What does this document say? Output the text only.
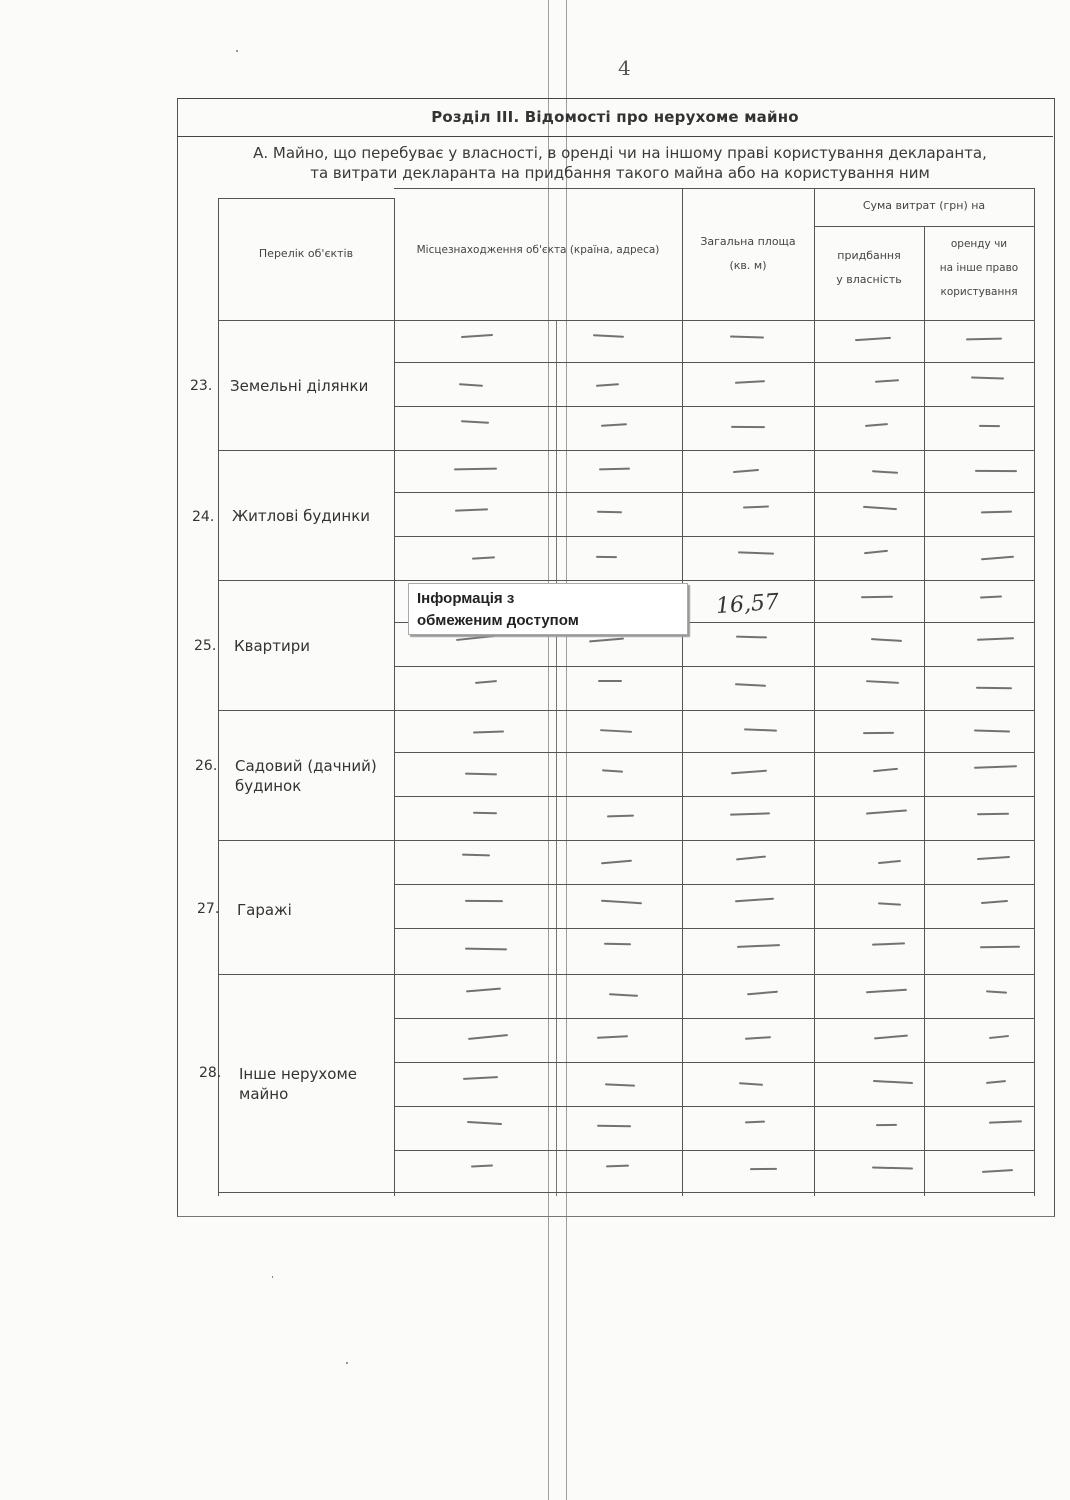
4
Розділ III. Відомості про нерухоме майно
А. Майно, що перебуває у власності, в оренді чи на іншому праві користування декларанта,
та витрати декларанта на придбання такого майна або на користування ним
Перелік об'єктів	Місцезнаходження об'єкта (країна, адреса)
Загальна площа
(кв. м)
Сума витрат (грн) на
придбання
у власність
оренду чи
на інше право
користування
Земельні ділянки
Житлові будинки
Квартири
Садовий (дачний) будинок
Гаражі
Інше нерухоме майно
23.
24.
25.
26.
27.
28.
16,57
Інформація з
обмеженим доступом
